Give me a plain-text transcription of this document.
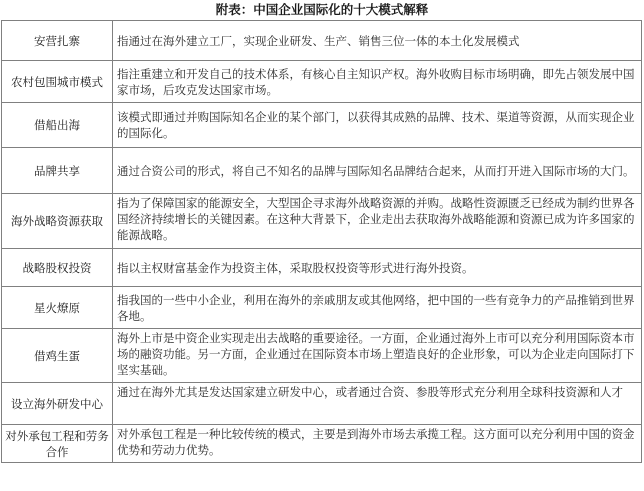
附表：中国企业国际化的十大模式解释
安营扎寨	指通过在海外建立工厂，实现企业研发、生产、销售三位一体的本土化发展模式
农村包围城市模式	指注重建立和开发自己的技术体系，有核心自主知识产权。海外收购目标市场明确，即先占领发展中国家市场，后攻克发达国家市场。
借船出海	该模式即通过并购国际知名企业的某个部门，以获得其成熟的品牌、技术、渠道等资源，从而实现企业的国际化。
品牌共享	通过合资公司的形式，将自己不知名的品牌与国际知名品牌结合起来，从而打开进入国际市场的大门。
海外战略资源获取	指为了保障国家的能源安全，大型国企寻求海外战略资源的并购。战略性资源匮乏已经成为制约世界各国经济持续增长的关键因素。在这种大背景下，企业走出去获取海外战略能源和资源已成为许多国家的能源战略。
战略股权投资	指以主权财富基金作为投资主体，采取股权投资等形式进行海外投资。
星火燎原	指我国的一些中小企业，利用在海外的亲戚朋友或其他网络，把中国的一些有竞争力的产品推销到世界各地。
借鸡生蛋	海外上市是中资企业实现走出去战略的重要途径。一方面，企业通过海外上市可以充分利用国际资本市场的融资功能。另一方面，企业通过在国际资本市场上塑造良好的企业形象，可以为企业走向国际打下坚实基础。
设立海外研发中心	通过在海外尤其是发达国家建立研发中心，或者通过合资、参股等形式充分利用全球科技资源和人才
对外承包工程和劳务合作	对外承包工程是一种比较传统的模式，主要是到海外市场去承揽工程。这方面可以充分利用中国的资金优势和劳动力优势。
